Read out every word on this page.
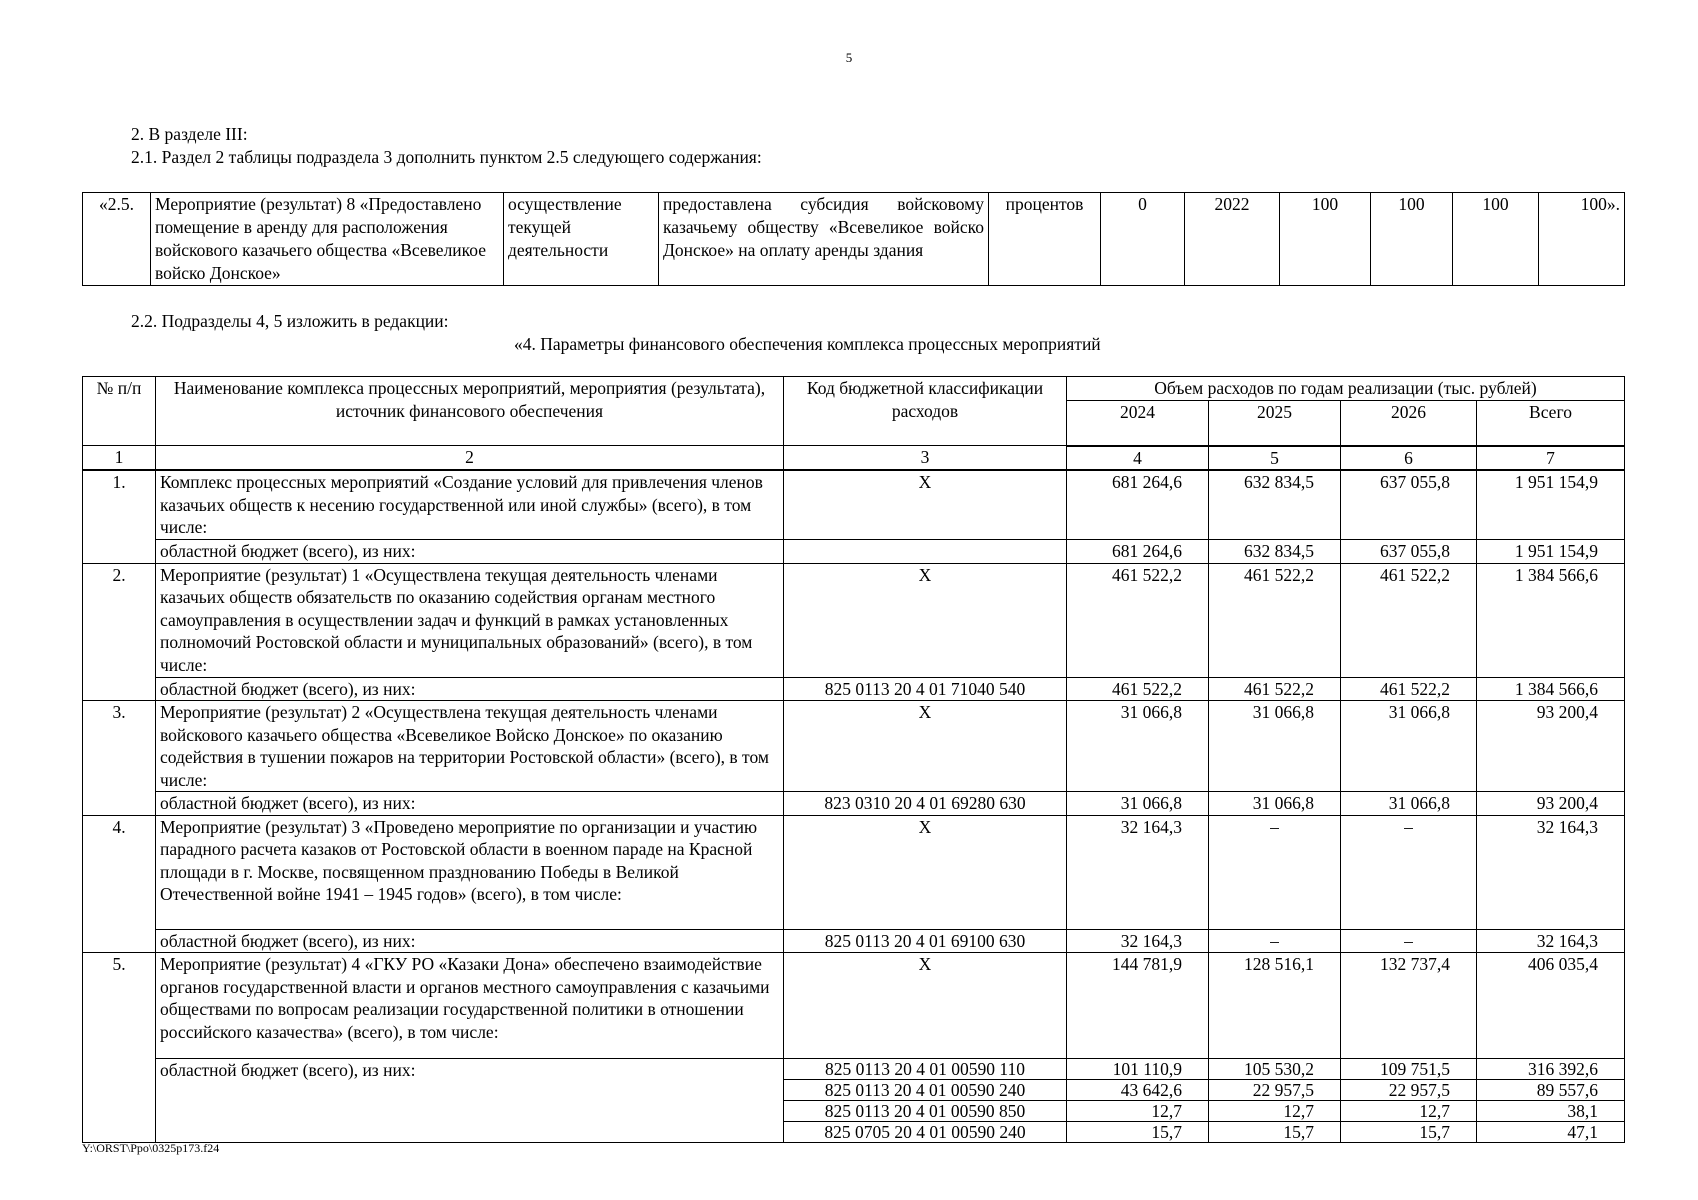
5
2. В разделе III:
2.1. Раздел 2 таблицы подраздела 3 дополнить пунктом 2.5 следующего содержания:
«2.5.	Мероприятие (результат) 8 «Предоставлено помещение в аренду для расположения войскового казачьего общества «Всевеликое войско Донское»	осуществление текущей деятельности	предоставлена субсидия войсковому казачьему обществу «Всевеликое войско Донское» на оплату аренды здания	процентов	0	2022	100	100	100	100».
2.2. Подразделы 4, 5 изложить в редакции:
«4. Параметры финансового обеспечения комплекса процессных мероприятий
№ п/п	Наименование комплекса процессных мероприятий, мероприятия (результата), источник финансового обеспечения	Код бюджетной классификации расходов	Объем расходов по годам реализации (тыс. рублей)			
			2024	2025	2026	Всего
1	2	3	4	5	6	7
1.	Комплекс процессных мероприятий «Создание условий для привлечения членов казачьих обществ к несению государственной или иной службы» (всего), в том числе:	X	681 264,6	632 834,5	637 055,8	1 951 154,9
	областной бюджет (всего), из них:		681 264,6	632 834,5	637 055,8	1 951 154,9
2.	Мероприятие (результат) 1 «Осуществлена текущая деятельность членами казачьих обществ обязательств по оказанию содействия органам местного самоуправления в осуществлении задач и функций в рамках установленных полномочий Ростовской области и муниципальных образований» (всего), в том числе:	X	461 522,2	461 522,2	461 522,2	1 384 566,6
	областной бюджет (всего), из них:	825 0113 20 4 01 71040 540	461 522,2	461 522,2	461 522,2	1 384 566,6
3.	Мероприятие (результат) 2 «Осуществлена текущая деятельность членами войскового казачьего общества «Всевеликое Войско Донское» по оказанию содействия в тушении пожаров на территории Ростовской области» (всего), в том числе:	X	31 066,8	31 066,8	31 066,8	93 200,4
	областной бюджет (всего), из них:	823 0310 20 4 01 69280 630	31 066,8	31 066,8	31 066,8	93 200,4
4.	Мероприятие (результат) 3 «Проведено мероприятие по организации и участию парадного расчета казаков от Ростовской области в военном параде на Красной площади в г. Москве, посвященном празднованию Победы в Великой Отечественной войне 1941 – 1945 годов» (всего), в том числе:	X	32 164,3	–	–	32 164,3
	областной бюджет (всего), из них:	825 0113 20 4 01 69100 630	32 164,3	–	–	32 164,3
5.	Мероприятие (результат) 4 «ГКУ РО «Казаки Дона» обеспечено взаимодействие органов государственной власти и органов местного самоуправления с казачьими обществами по вопросам реализации государственной политики в отношении российского казачества» (всего), в том числе:	X	144 781,9	128 516,1	132 737,4	406 035,4
	областной бюджет (всего), из них:	825 0113 20 4 01 00590 110	101 110,9	105 530,2	109 751,5	316 392,6
		825 0113 20 4 01 00590 240	43 642,6	22 957,5	22 957,5	89 557,6
		825 0113 20 4 01 00590 850	12,7	12,7	12,7	38,1
		825 0705 20 4 01 00590 240	15,7	15,7	15,7	47,1
Y:\ORST\Ppo\0325p173.f24
